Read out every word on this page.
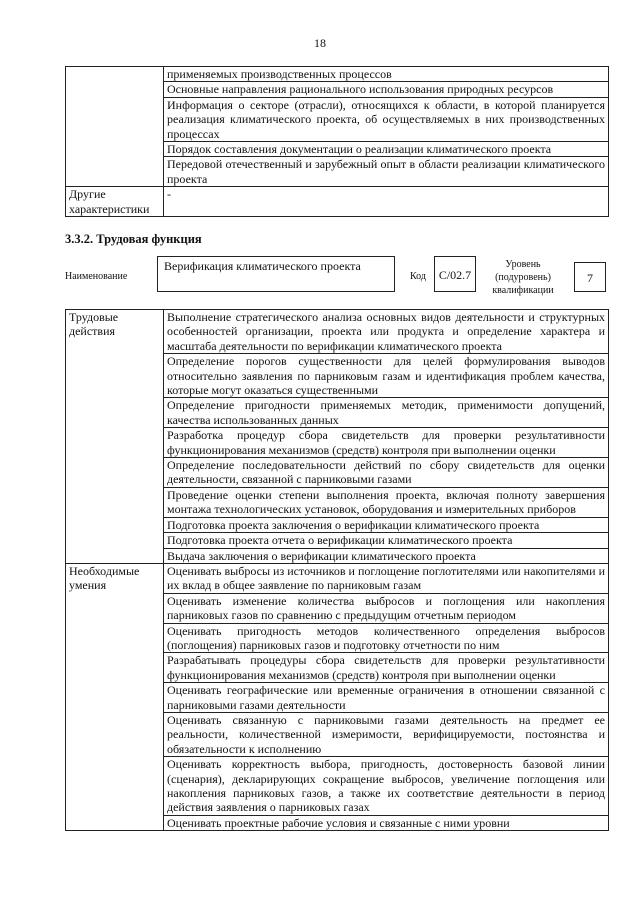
18
	применяемых производственных процессов
	Основные направления рационального использования природных ресурсов
	Информация о секторе (отрасли), относящихся к области, в которой планируется реализация климатического проекта, об осуществляемых в них производственных процессах
	Порядок составления документации о реализации климатического проекта
	Передовой отечественный и зарубежный опыт в области реализации климатического проекта
Другие характеристики	-
3.3.2. Трудовая функция
Наименование
Верификация климатического проекта
Код	C/02.7
Уровень (подуровень) квалификации
7
Трудовые действия	Выполнение стратегического анализа основных видов деятельности и структурных особенностей организации, проекта или продукта и определение характера и масштаба деятельности по верификации климатического проекта
	Определение порогов существенности для целей формулирования выводов относительно заявления по парниковым газам и идентификация проблем качества, которые могут оказаться существенными
	Определение пригодности применяемых методик, применимости допущений, качества использованных данных
	Разработка процедур сбора свидетельств для проверки результативности функционирования механизмов (средств) контроля при выполнении оценки
	Определение последовательности действий по сбору свидетельств для оценки деятельности, связанной с парниковыми газами
	Проведение оценки степени выполнения проекта, включая полноту завершения монтажа технологических установок, оборудования и измерительных приборов
	Подготовка проекта заключения о верификации климатического проекта
	Подготовка проекта отчета о верификации климатического проекта
	Выдача заключения о верификации климатического проекта
Необходимые умения	Оценивать выбросы из источников и поглощение поглотителями или накопителями и их вклад в общее заявление по парниковым газам
	Оценивать изменение количества выбросов и поглощения или накопления парниковых газов по сравнению с предыдущим отчетным периодом
	Оценивать пригодность методов количественного определения выбросов (поглощения) парниковых газов и подготовку отчетности по ним
	Разрабатывать процедуры сбора свидетельств для проверки результативности функционирования механизмов (средств) контроля при выполнении оценки
	Оценивать географические или временные ограничения в отношении связанной с парниковыми газами деятельности
	Оценивать связанную с парниковыми газами деятельность на предмет ее реальности, количественной измеримости, верифицируемости, постоянства и обязательности к исполнению
	Оценивать корректность выбора, пригодность, достоверность базовой линии (сценария), декларирующих сокращение выбросов, увеличение поглощения или накопления парниковых газов, а также их соответствие деятельности в период действия заявления о парниковых газах
	Оценивать проектные рабочие условия и связанные с ними уровни
